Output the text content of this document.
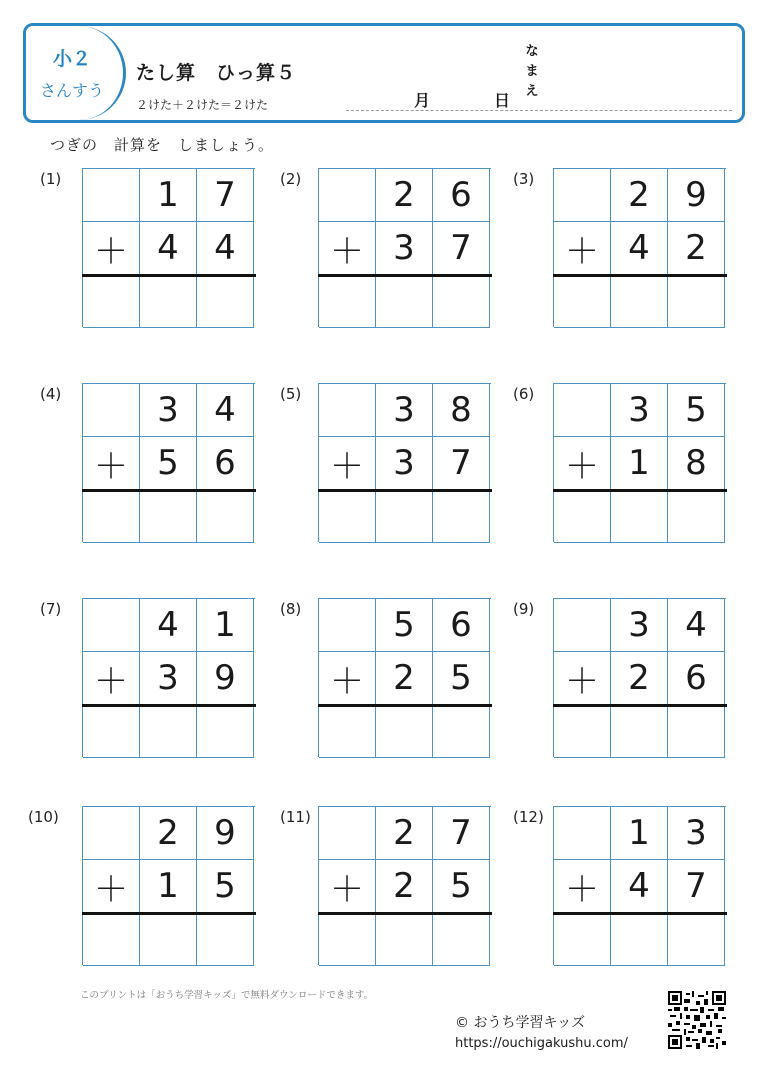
小２
さんすう
たし算　ひっ算５
２けた＋２けた＝２けた	月	日
な
ま
え
つぎの　計算を　しましょう。
(1)	1	7
＋ 4	4
(2)	2	6
＋ 3	7
(3)	2	9
＋ 4	2
(4)	3	4
＋ 5	6
(5)	3	8
＋ 3	7
(6)	3	5
＋ 1	8
(7)	4	1
＋ 3	9
(8)	5	6
＋ 2	5
(9)	3	4
＋ 2	6
(10)	2	9
＋ 1	5
(11)	2	7
＋ 2	5
(12)	1	3
＋ 4	7
このプリントは「おうち学習キッズ」で無料ダウンロードできます。
© おうち学習キッズ
https://ouchigakushu.com/
